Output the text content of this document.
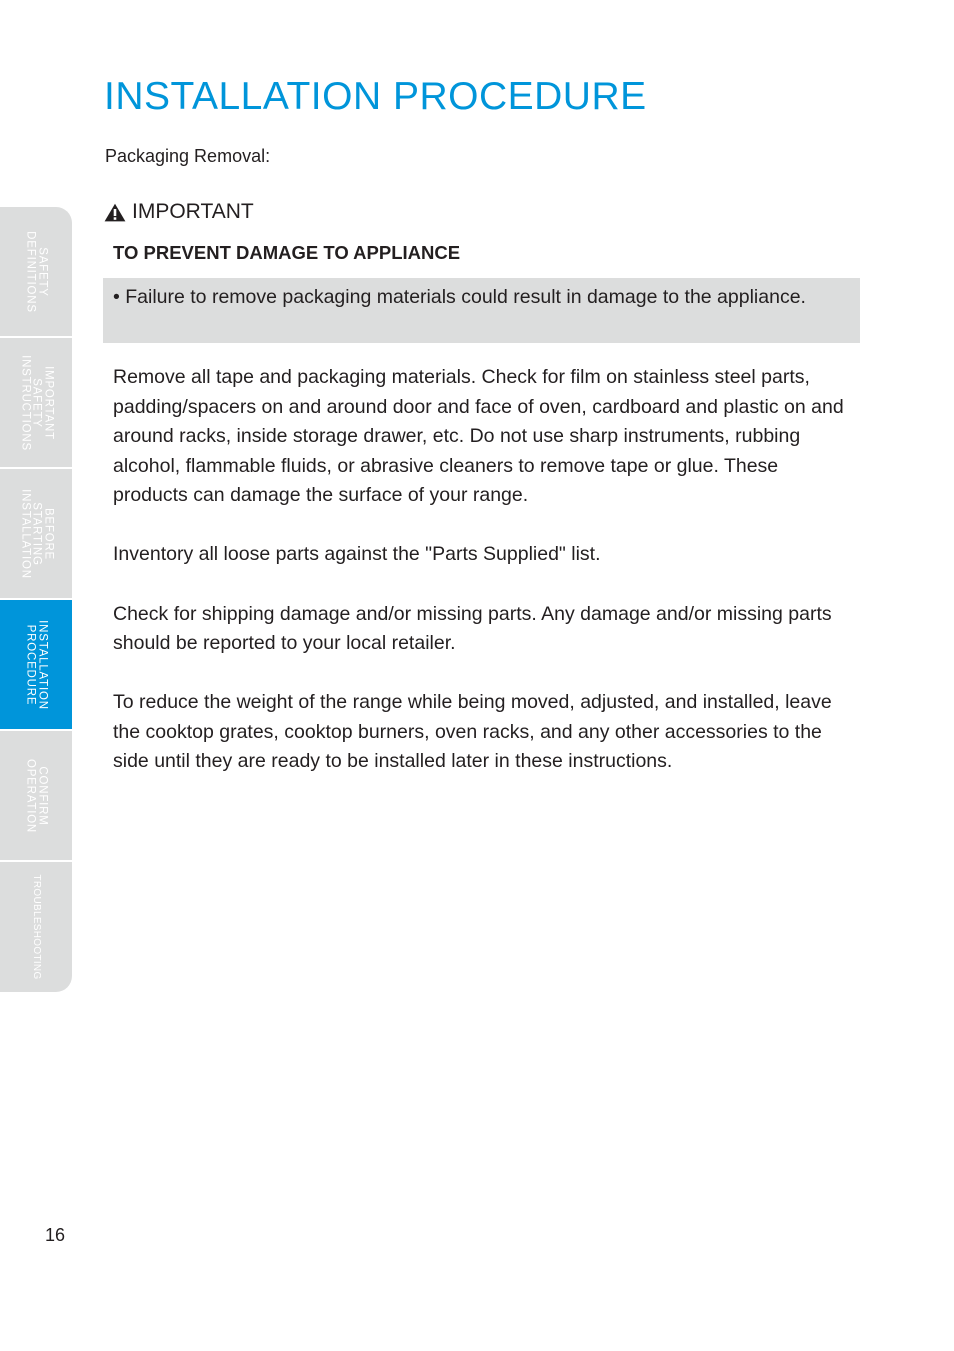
INSTALLATION PROCEDURE
Packaging Removal:
IMPORTANT
TO PREVENT DAMAGE TO APPLIANCE

• Failure to remove packaging materials could result in damage to the appliance.

Remove all tape and packaging materials. Check for film on stainless steel parts, padding/spacers on and around door and face of oven, cardboard and plastic on and around racks, inside storage drawer, etc. Do not use sharp instruments, rubbing alcohol, flammable fluids, or abrasive cleaners to remove tape or glue. These products can damage the surface of your range.

Inventory all loose parts against the "Parts Supplied" list.

Check for shipping damage and/or missing parts. Any damage and/or missing parts should be reported to your local retailer.

To reduce the weight of the range while being moved, adjusted, and installed, leave the cooktop grates, cooktop burners, oven racks, and any other accessories to the side until they are ready to be installed later in these instructions.

SAFETY
DEFINITIONS
IMPORTANT
SAFETY
INSTRUCTIONS
BEFORE
STARTING
INSTALLATION
INSTALLATION
PROCEDURE
CONFIRM
OPERATION
TROUBLESHOOTING
16
